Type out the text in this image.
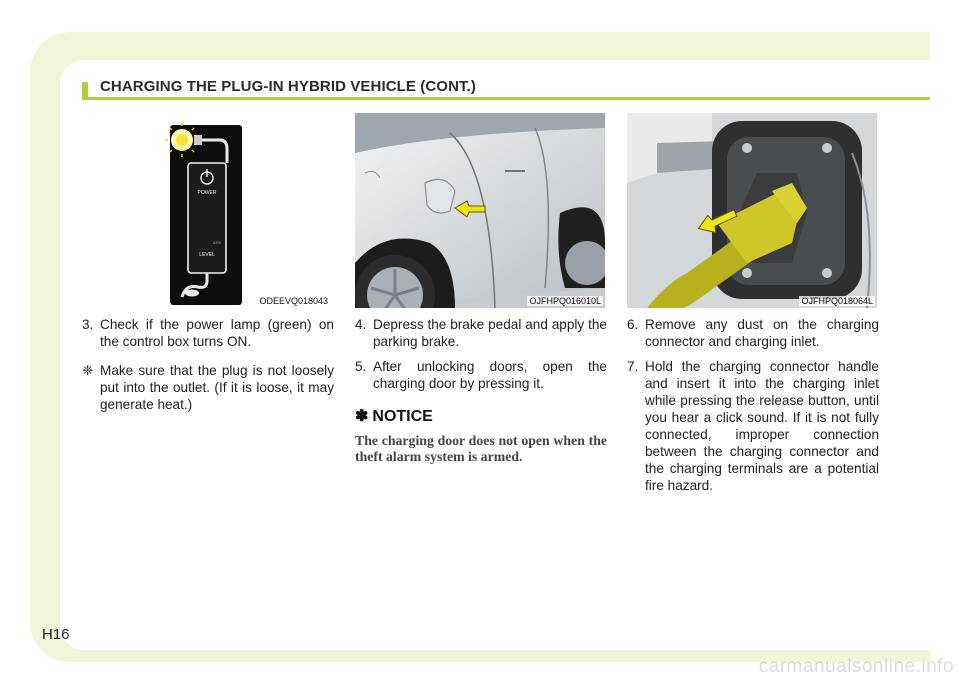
CHARGING THE PLUG-IN HYBRID VEHICLE (CONT.)
POWER
33%
LEVEL
ODEEVQ018043	OJFHPQ016010L	OJFHPQ018064L
3. Check if the power lamp (green) on the control box turns ON.
❈ Make sure that the plug is not loosely put into the outlet. (If it is loose, it may generate heat.)
4. Depress the brake pedal and apply the parking brake.
5. After unlocking doors, open the charging door by pressing it.
✽ NOTICE
The charging door does not open when the theft alarm system is armed.
6. Remove any dust on the charging connector and charging inlet.
7. Hold the charging connector handle and insert it into the charging inlet while pressing the release button, until you hear a click sound. If it is not fully connected, improper connection between the charging connector and the charging terminals are a potential fire hazard.
H16
carmanualsonline.info
